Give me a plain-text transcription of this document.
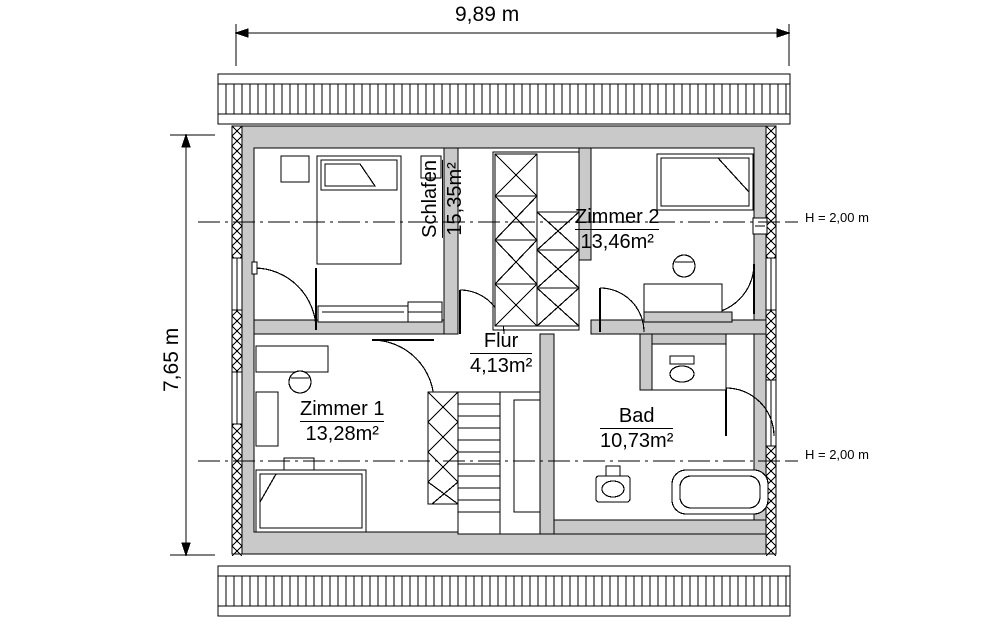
9,89 m
7,65 m
H = 2,00 m
H = 2,00 m
Schlafen 15,35m²	Zimmer 2
13,46m²
Flur
4,13m²
Zimmer 1
13,28m²
Bad
10,73m²
